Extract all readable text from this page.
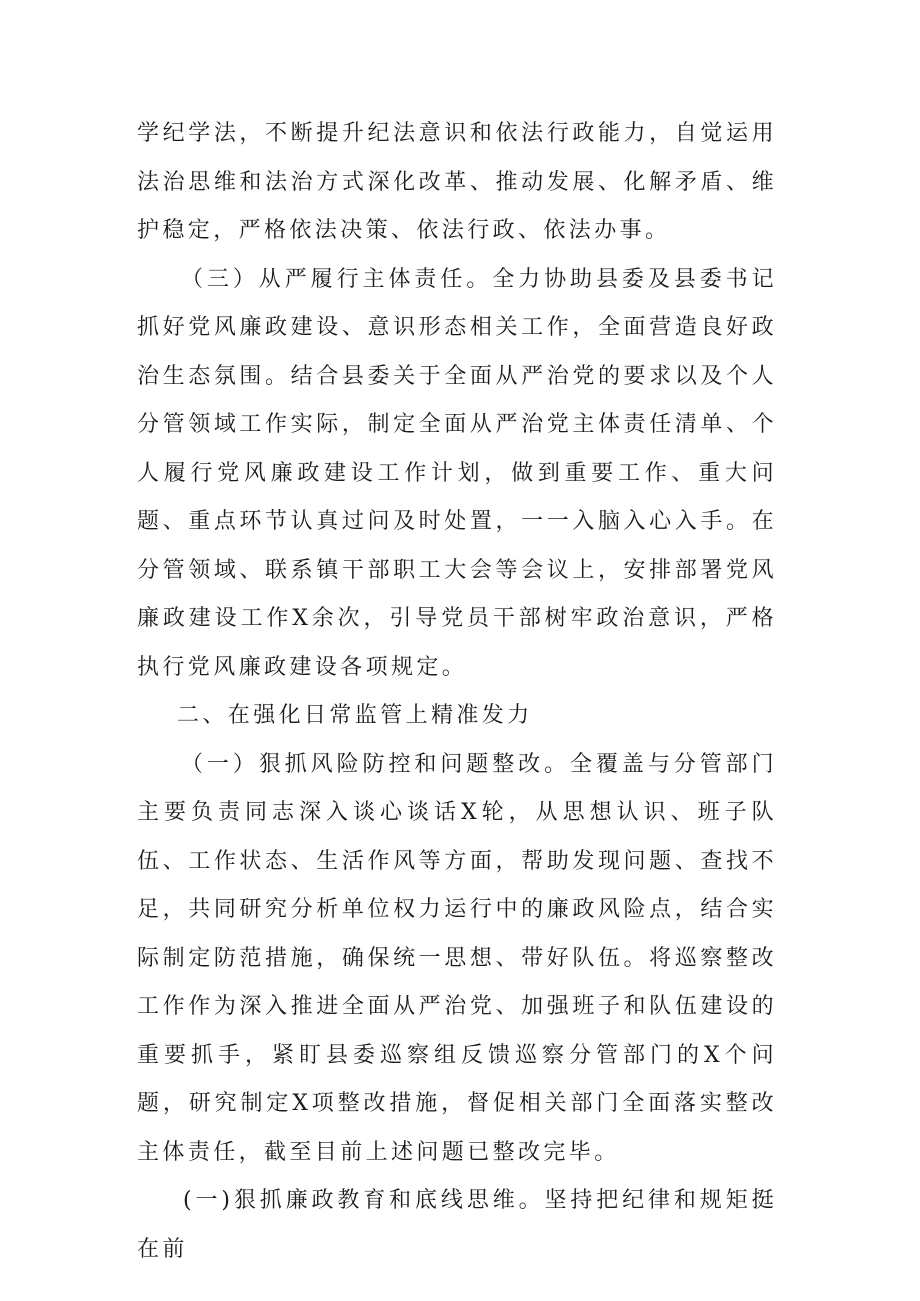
学纪学法，不断提升纪法意识和依法行政能力，自觉运用法治思维和法治方式深化改革、推动发展、化解矛盾、维护稳定，严格依法决策、依法行政、依法办事。

（三）从严履行主体责任。全力协助县委及县委书记抓好党风廉政建设、意识形态相关工作，全面营造良好政治生态氛围。结合县委关于全面从严治党的要求以及个人分管领域工作实际，制定全面从严治党主体责任清单、个人履行党风廉政建设工作计划，做到重要工作、重大问题、重点环节认真过问及时处置，一一入脑入心入手。在分管领域、联系镇干部职工大会等会议上，安排部署党风廉政建设工作X余次，引导党员干部树牢政治意识，严格执行党风廉政建设各项规定。

二、在强化日常监管上精准发力

（一）狠抓风险防控和问题整改。全覆盖与分管部门主要负责同志深入谈心谈话X轮，从思想认识、班子队伍、工作状态、生活作风等方面，帮助发现问题、查找不足，共同研究分析单位权力运行中的廉政风险点，结合实际制定防范措施，确保统一思想、带好队伍。将巡察整改工作作为深入推进全面从严治党、加强班子和队伍建设的重要抓手，紧盯县委巡察组反馈巡察分管部门的X个问题，研究制定X项整改措施，督促相关部门全面落实整改主体责任，截至目前上述问题已整改完毕。

(一)狠抓廉政教育和底线思维。坚持把纪律和规矩挺在前
